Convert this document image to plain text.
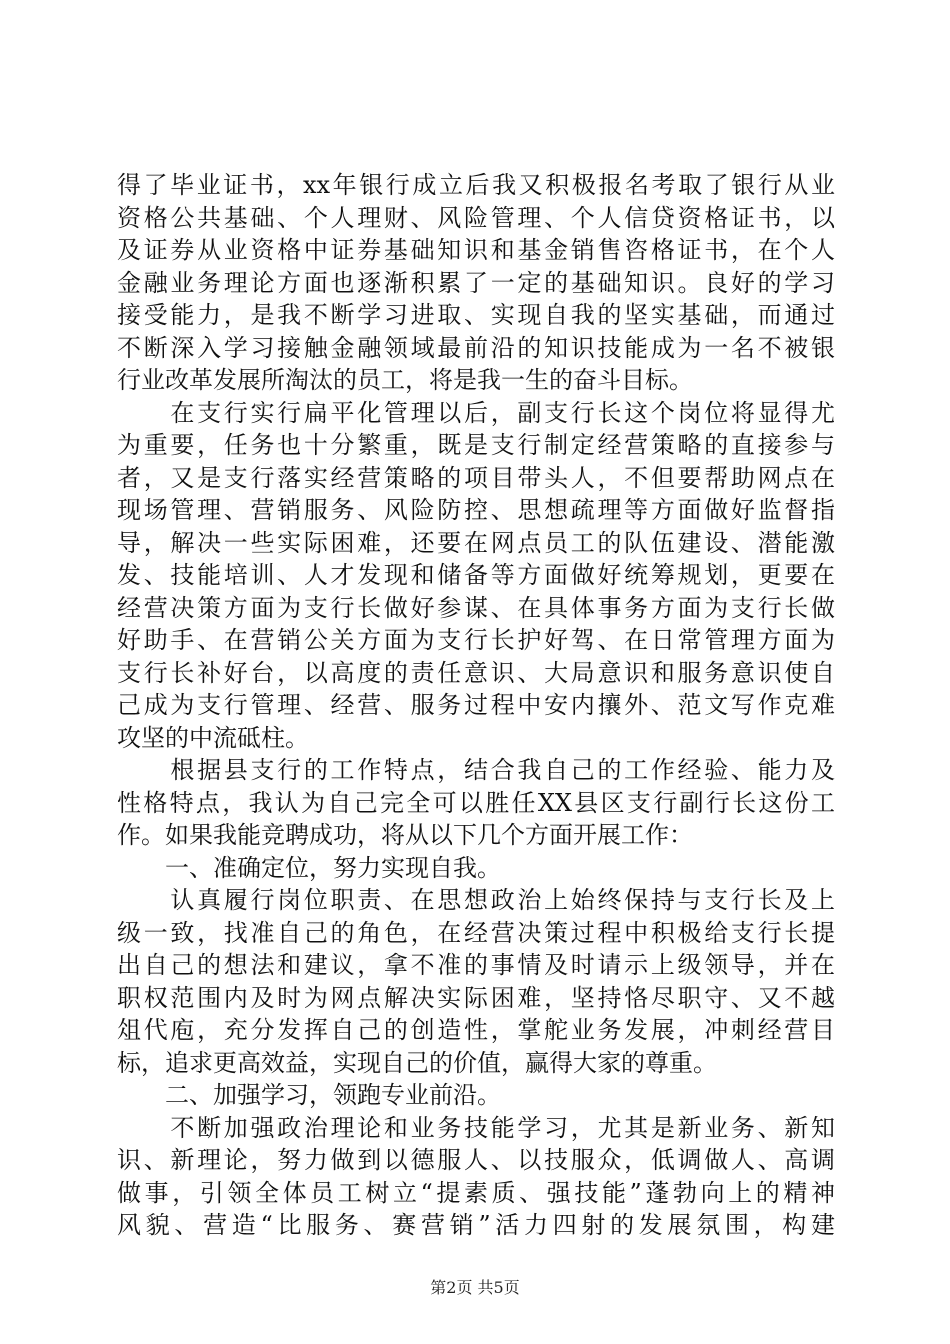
得了毕业证书，xx年银行成立后我又积极报名考取了银行从业
资格公共基础、个人理财、风险管理、个人信贷资格证书，以
及证券从业资格中证券基础知识和基金销售咨格证书，在个人
金融业务理论方面也逐渐积累了一定的基础知识。良好的学习
接受能力，是我不断学习进取、实现自我的坚实基础，而通过
不断深入学习接触金融领域最前沿的知识技能成为一名不被银
行业改革发展所淘汰的员工，将是我一生的奋斗目标。
　　在支行实行扁平化管理以后，副支行长这个岗位将显得尤
为重要，任务也十分繁重，既是支行制定经营策略的直接参与
者，又是支行落实经营策略的项目带头人，不但要帮助网点在
现场管理、营销服务、风险防控、思想疏理等方面做好监督指
导，解决一些实际困难，还要在网点员工的队伍建设、潜能激
发、技能培训、人才发现和储备等方面做好统筹规划，更要在
经营决策方面为支行长做好参谋、在具体事务方面为支行长做
好助手、在营销公关方面为支行长护好驾、在日常管理方面为
支行长补好台，以高度的责任意识、大局意识和服务意识使自
己成为支行管理、经营、服务过程中安内攘外、范文写作克难
攻坚的中流砥柱。
　　根据县支行的工作特点，结合我自己的工作经验、能力及
性格特点，我认为自己完全可以胜任XX县区支行副行长这份工
作。如果我能竞聘成功，将从以下几个方面开展工作：
　　一、准确定位，努力实现自我。
　　认真履行岗位职责、在思想政治上始终保持与支行长及上
级一致，找准自己的角色，在经营决策过程中积极给支行长提
出自己的想法和建议，拿不准的事情及时请示上级领导，并在
职权范围内及时为网点解决实际困难，坚持恪尽职守、又不越
俎代庖，充分发挥自己的创造性，掌舵业务发展，冲刺经营目
标，追求更高效益，实现自己的价值，赢得大家的尊重。
　　二、加强学习，领跑专业前沿。
　　不断加强政治理论和业务技能学习，尤其是新业务、新知
识、新理论，努力做到以德服人、以技服众，低调做人、高调
做事，引领全体员工树立“提素质、强技能”蓬勃向上的精神
风貌、营造“比服务、赛营销”活力四射的发展氛围，构建
第2页 共5页
